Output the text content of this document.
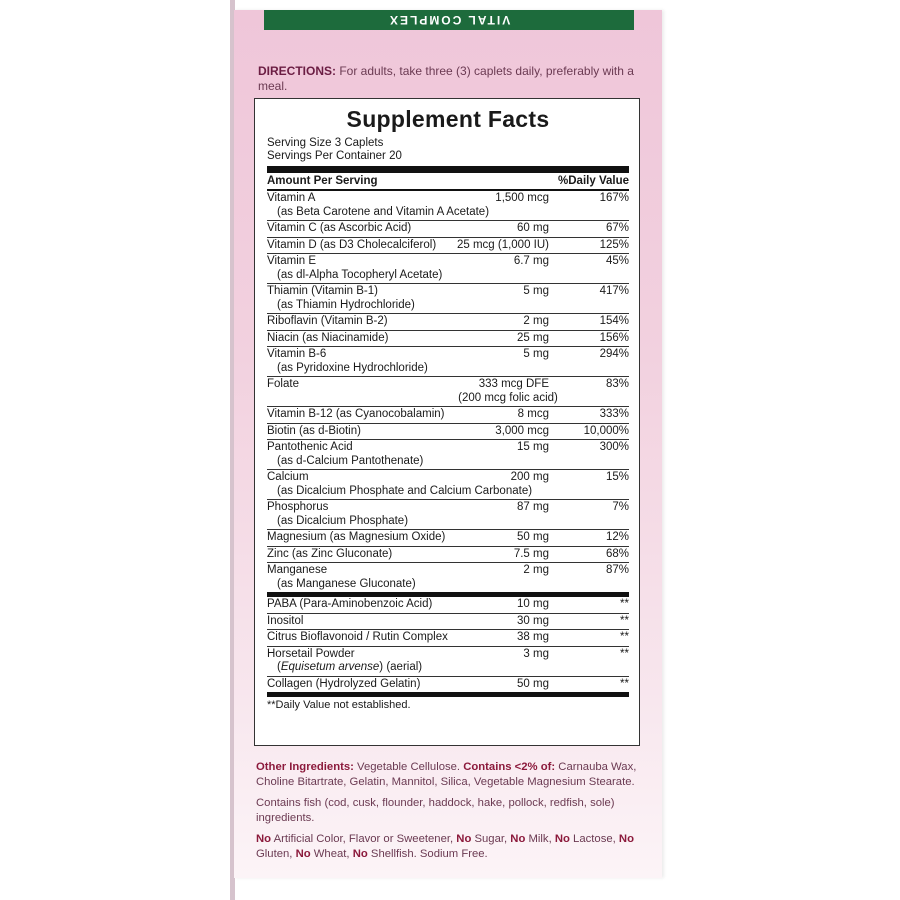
VITAL COMPLEX
DIRECTIONS: For adults, take three (3) caplets daily, preferably with a meal.
Supplement Facts
Serving Size 3 Caplets
Servings Per Container 20
Amount Per Serving	%Daily Value
Vitamin A	1,500 mcg	167%
(as Beta Carotene and Vitamin A Acetate)
Vitamin C (as Ascorbic Acid)	60 mg	67%
Vitamin D (as D3 Cholecalciferol)	25 mcg (1,000 IU)	125%
Vitamin E	6.7 mg	45%
(as dl-Alpha Tocopheryl Acetate)
Thiamin (Vitamin B-1)	5 mg	417%
(as Thiamin Hydrochloride)
Riboflavin (Vitamin B-2)	2 mg	154%
Niacin (as Niacinamide)	25 mg	156%
Vitamin B-6	5 mg	294%
(as Pyridoxine Hydrochloride)
Folate	333 mcg DFE	83%
(200 mcg folic acid)
Vitamin B-12 (as Cyanocobalamin)	8 mcg	333%
Biotin (as d-Biotin)	3,000 mcg	10,000%
Pantothenic Acid	15 mg	300%
(as d-Calcium Pantothenate)
Calcium	200 mg	15%
(as Dicalcium Phosphate and Calcium Carbonate)
Phosphorus	87 mg	7%
(as Dicalcium Phosphate)
Magnesium (as Magnesium Oxide)	50 mg	12%
Zinc (as Zinc Gluconate)	7.5 mg	68%
Manganese	2 mg	87%
(as Manganese Gluconate)
PABA (Para-Aminobenzoic Acid)	10 mg	**
Inositol	30 mg	**
Citrus Bioflavonoid / Rutin Complex	38 mg	**
Horsetail Powder	3 mg	**
(Equisetum arvense) (aerial)
Collagen (Hydrolyzed Gelatin)	50 mg	**
**Daily Value not established.

Other Ingredients: Vegetable Cellulose. Contains <2% of: Carnauba Wax, Choline Bitartrate, Gelatin, Mannitol, Silica, Vegetable Magnesium Stearate.

Contains fish (cod, cusk, flounder, haddock, hake, pollock, redfish, sole) ingredients.

No Artificial Color, Flavor or Sweetener, No Sugar, No Milk, No Lactose, No Gluten, No Wheat, No Shellfish. Sodium Free.
